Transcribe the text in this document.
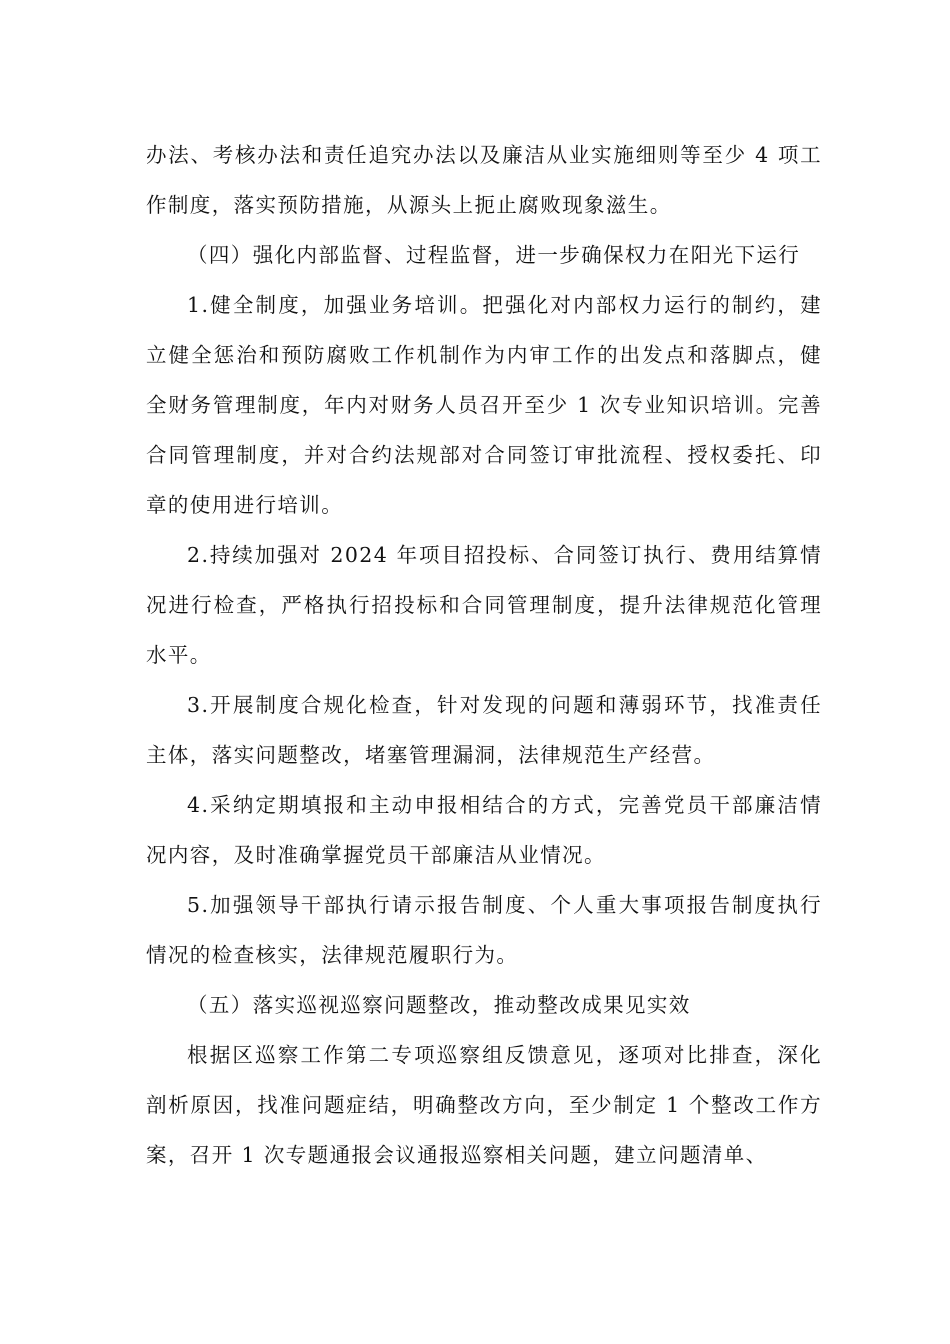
办法、考核办法和责任追究办法以及廉洁从业实施细则等至少 4 项工作制度，落实预防措施，从源头上扼止腐败现象滋生。

（四）强化内部监督、过程监督，进一步确保权力在阳光下运行

1.健全制度，加强业务培训。把强化对内部权力运行的制约，建立健全惩治和预防腐败工作机制作为内审工作的出发点和落脚点，健全财务管理制度，年内对财务人员召开至少 1 次专业知识培训。完善合同管理制度，并对合约法规部对合同签订审批流程、授权委托、印章的使用进行培训。

2.持续加强对 2024 年项目招投标、合同签订执行、费用结算情况进行检查，严格执行招投标和合同管理制度，提升法律规范化管理水平。

3.开展制度合规化检查，针对发现的问题和薄弱环节，找准责任主体，落实问题整改，堵塞管理漏洞，法律规范生产经营。

4.采纳定期填报和主动申报相结合的方式，完善党员干部廉洁情况内容，及时准确掌握党员干部廉洁从业情况。

5.加强领导干部执行请示报告制度、个人重大事项报告制度执行情况的检查核实，法律规范履职行为。

（五）落实巡视巡察问题整改，推动整改成果见实效

根据区巡察工作第二专项巡察组反馈意见，逐项对比排查，深化剖析原因，找准问题症结，明确整改方向，至少制定 1 个整改工作方案，召开 1 次专题通报会议通报巡察相关问题，建立问题清单、
